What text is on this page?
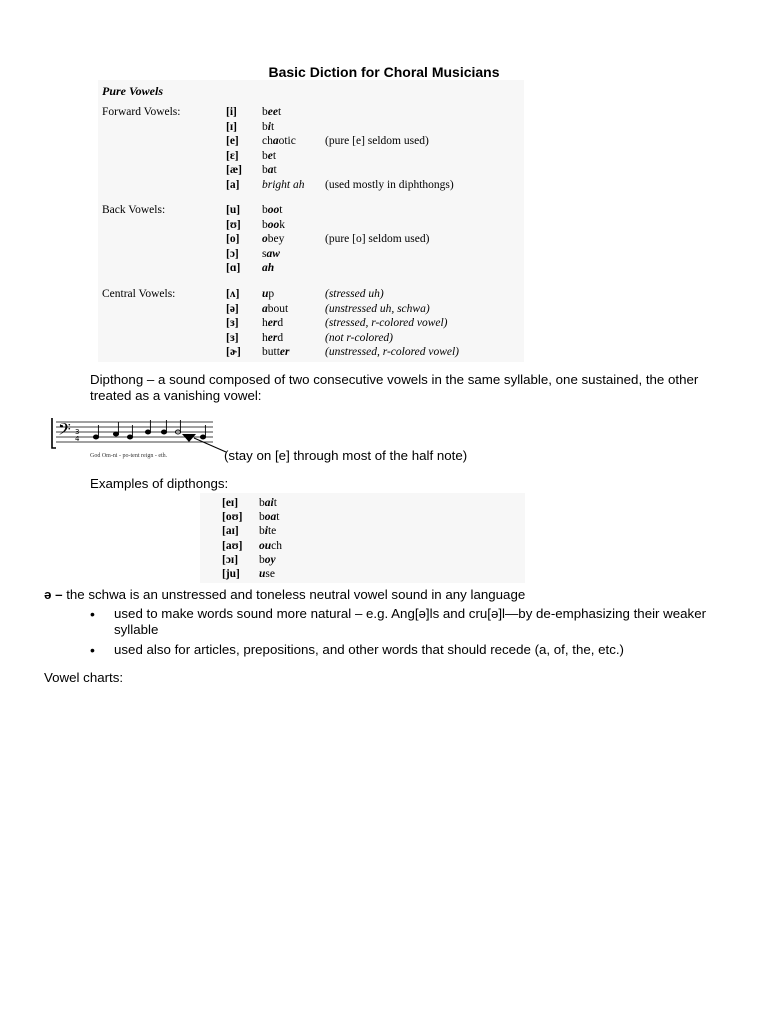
Basic Diction for Choral Musicians
Pure Vowels
Forward Vowels:	[i]	beet
[ɪ]	bit
[e]	chaotic	(pure [e] seldom used)
[ɛ]	bet
[æ]	bat
[a]	bright ah	(used mostly in diphthongs)
Back Vowels:	[u]	boot
[ʊ]	book
[o]	obey	(pure [o] seldom used)
[ɔ]	saw
[ɑ]	ah
Central Vowels:	[ʌ]	up	(stressed uh)
[ə]	about	(unstressed uh, schwa)
[ɜ]	herd	(stressed, r-colored vowel)
[ɜ]	herd	(not r-colored)
[ɚ]	butter	(unstressed, r-colored vowel)
Dipthong – a sound composed of two consecutive vowels in the same syllable, one sustained, the other treated as a vanishing vowel:
𝄢 3
4
God Om-ni - po-tent reign - eth.	(stay on [e] through most of the half note)
Examples of dipthongs:
[eɪ]	bait
[oʊ]	boat
[aɪ]	bite
[aʊ]	ouch
[ɔɪ]	boy
[ju]	use
ə – the schwa is an unstressed and toneless neutral vowel sound in any language
• used to make words sound more natural – e.g. Ang[ə]ls and cru[ə]l—by de-emphasizing their weaker syllable
• used also for articles, prepositions, and other words that should recede (a, of, the, etc.)
Vowel charts:
